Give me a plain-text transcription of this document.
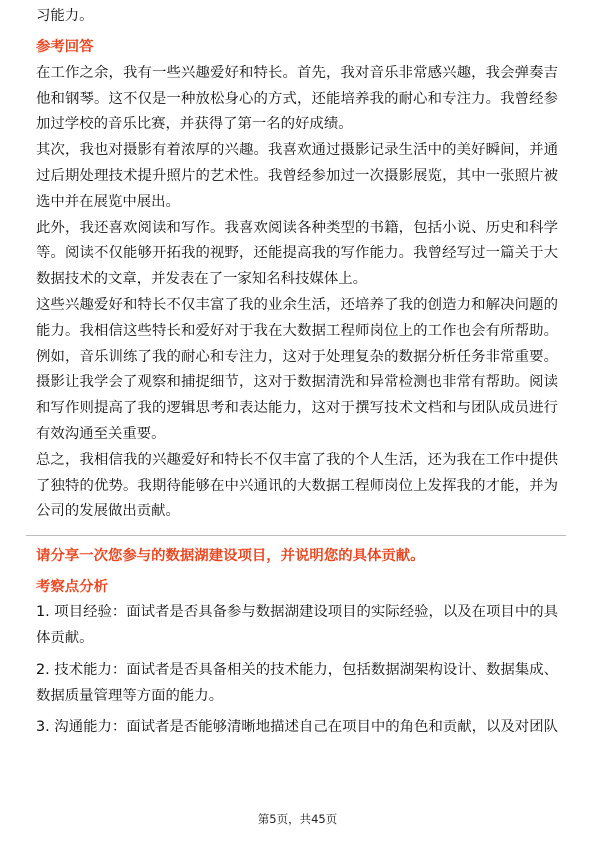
习能力。

参考回答

在工作之余，我有一些兴趣爱好和特长。首先，我对音乐非常感兴趣，我会弹奏吉他和钢琴。这不仅是一种放松身心的方式，还能培养我的耐心和专注力。我曾经参加过学校的音乐比赛，并获得了第一名的好成绩。

其次，我也对摄影有着浓厚的兴趣。我喜欢通过摄影记录生活中的美好瞬间，并通过后期处理技术提升照片的艺术性。我曾经参加过一次摄影展览，其中一张照片被选中并在展览中展出。

此外，我还喜欢阅读和写作。我喜欢阅读各种类型的书籍，包括小说、历史和科学等。阅读不仅能够开拓我的视野，还能提高我的写作能力。我曾经写过一篇关于大数据技术的文章，并发表在了一家知名科技媒体上。

这些兴趣爱好和特长不仅丰富了我的业余生活，还培养了我的创造力和解决问题的能力。我相信这些特长和爱好对于我在大数据工程师岗位上的工作也会有所帮助。例如，音乐训练了我的耐心和专注力，这对于处理复杂的数据分析任务非常重要。摄影让我学会了观察和捕捉细节，这对于数据清洗和异常检测也非常有帮助。阅读和写作则提高了我的逻辑思考和表达能力，这对于撰写技术文档和与团队成员进行有效沟通至关重要。

总之，我相信我的兴趣爱好和特长不仅丰富了我的个人生活，还为我在工作中提供了独特的优势。我期待能够在中兴通讯的大数据工程师岗位上发挥我的才能，并为公司的发展做出贡献。

请分享一次您参与的数据湖建设项目，并说明您的具体贡献。

考察点分析

1. 项目经验：面试者是否具备参与数据湖建设项目的实际经验，以及在项目中的具体贡献。

2. 技术能力：面试者是否具备相关的技术能力，包括数据湖架构设计、数据集成、数据质量管理等方面的能力。

3. 沟通能力：面试者是否能够清晰地描述自己在项目中的角色和贡献，以及对团队

第5页，共45页
